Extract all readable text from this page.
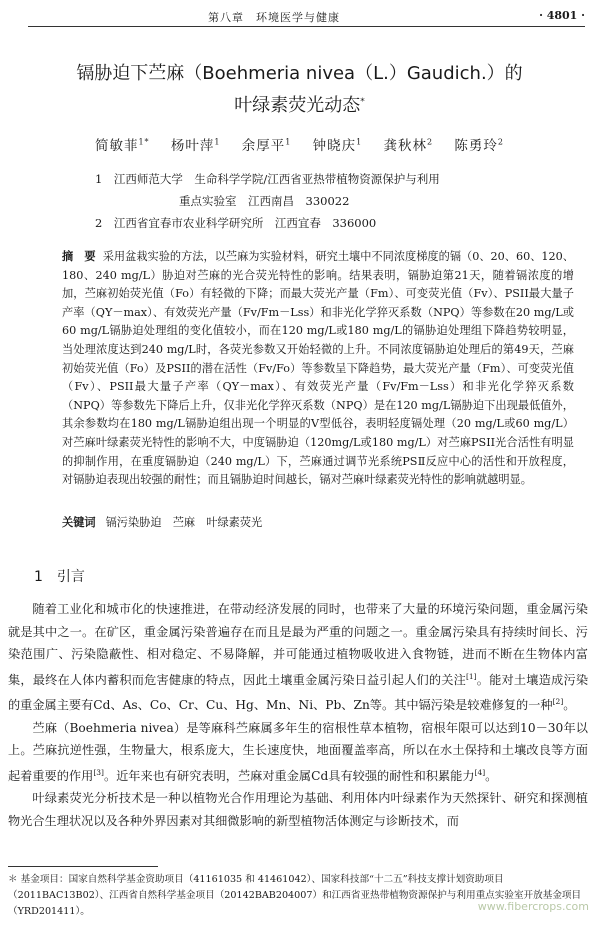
第八章　环境医学与健康	· 4801 ·
镉胁迫下苎麻（Boehmeria nivea（L.）Gaudich.）的
叶绿素荧光动态*
简敏菲$^{1*}$ 杨叶萍$^1$ 余厚平$^1$ 钟晓庆$^1$ 龚秋林$^2$ 陈勇玲$^2$
1　江西师范大学　生命科学学院/江西省亚热带植物资源保护与利用
重点实验室　江西南昌　330022
2　江西省宜春市农业科学研究所　江西宜春　336000
摘　要 采用盆栽实验的方法，以苎麻为实验材料，研究土壤中不同浓度梯度的镉（0、20、60、120、180、240 mg/L）胁迫对苎麻的光合荧光特性的影响。结果表明，镉胁迫第21天，随着镉浓度的增加，苎麻初始荧光值（Fo）有轻微的下降；而最大荧光产量（Fm）、可变荧光值（Fv）、PSII最大量子产率（QY－max）、有效荧光产量（Fv/Fm－Lss）和非光化学猝灭系数（NPQ）等参数在20 mg/L或60 mg/L镉胁迫处理组的变化值较小，而在120 mg/L或180 mg/L的镉胁迫处理组下降趋势较明显，当处理浓度达到240 mg/L时，各荧光参数又开始轻微的上升。不同浓度镉胁迫处理后的第49天，苎麻初始荧光值（Fo）及PSII的潜在活性（Fv/Fo）等参数呈下降趋势，最大荧光产量（Fm）、可变荧光值（Fv）、PSII最大量子产率（QY－max）、有效荧光产量（Fv/Fm－Lss）和非光化学猝灭系数（NPQ）等参数先下降后上升，仅非光化学猝灭系数（NPQ）是在120 mg/L镉胁迫下出现最低值外，其余参数均在180 mg/L镉胁迫组出现一个明显的V型低谷，表明轻度镉处理（20 mg/L或60 mg/L）对苎麻叶绿素荧光特性的影响不大，中度镉胁迫（120mg/L或180 mg/L）对苎麻PSII光合活性有明显的抑制作用，在重度镉胁迫（240 mg/L）下，苎麻通过调节光系统PSⅡ反应中心的活性和开放程度，对镉胁迫表现出较强的耐性；而且镉胁迫时间越长，镉对苎麻叶绿素荧光特性的影响就越明显。
关键词 镉污染胁迫　苎麻　叶绿素荧光
1 引言

随着工业化和城市化的快速推进，在带动经济发展的同时，也带来了大量的环境污染问题，重金属污染就是其中之一。在矿区，重金属污染普遍存在而且是最为严重的问题之一。重金属污染具有持续时间长、污染范围广、污染隐蔽性、相对稳定、不易降解，并可能通过植物吸收进入食物链，进而不断在生物体内富集，最终在人体内蓄积而危害健康的特点，因此土壤重金属污染日益引起人们的关注[1]。能对土壤造成污染的重金属主要有Cd、As、Co、Cr、Cu、Hg、Mn、Ni、Pb、Zn等。其中镉污染是较难修复的一种[2]。

苎麻（Boehmeria nivea）是等麻科苎麻属多年生的宿根性草本植物，宿根年限可以达到10－30年以上。苎麻抗逆性强，生物量大，根系庞大，生长速度快，地面覆盖率高，所以在水土保持和土壤改良等方面起着重要的作用[3]。近年来也有研究表明，苎麻对重金属Cd具有较强的耐性和积累能力[4]。

叶绿素荧光分析技术是一种以植物光合作用理论为基础、利用体内叶绿素作为天然探针、研究和探测植物光合生理状况以及各种外界因素对其细微影响的新型植物活体测定与诊断技术，而

＊ 基金项目：国家自然科学基金资助项目（41161035 和 41461042）、国家科技部“十二五”科技支撑计划资助项目（2011BAC13B02）、江西省自然科学基金项目（20142BAB204007）和江西省亚热带植物资源保护与利用重点实验室开放基金项目（YRD201411）。	www.fibercrops.com
